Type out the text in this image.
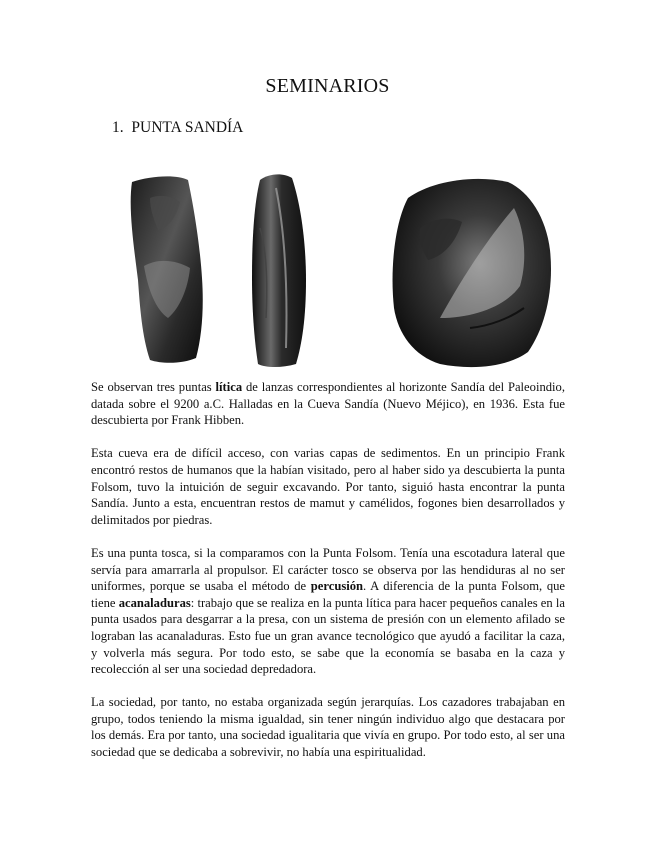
SEMINARIOS
1. PUNTA SANDÍA

Se observan tres puntas lítica de lanzas correspondientes al horizonte Sandía del Paleoindio, datada sobre el 9200 a.C. Halladas en la Cueva Sandía (Nuevo Méjico), en 1936. Esta fue descubierta por Frank Hibben.

Esta cueva era de difícil acceso, con varias capas de sedimentos. En un principio Frank encontró restos de humanos que la habían visitado, pero al haber sido ya descubierta la punta Folsom, tuvo la intuición de seguir excavando. Por tanto, siguió hasta encontrar la punta Sandía. Junto a esta, encuentran restos de mamut y camélidos, fogones bien desarrollados y delimitados por piedras.

Es una punta tosca, si la comparamos con la Punta Folsom. Tenía una escotadura lateral que servía para amarrarla al propulsor. El carácter tosco se observa por las hendiduras al no ser uniformes, porque se usaba el método de percusión. A diferencia de la punta Folsom, que tiene acanaladuras: trabajo que se realiza en la punta lítica para hacer pequeños canales en la punta usados para desgarrar a la presa, con un sistema de presión con un elemento afilado se lograban las acanaladuras. Esto fue un gran avance tecnológico que ayudó a facilitar la caza, y volverla más segura. Por todo esto, se sabe que la economía se basaba en la caza y recolección al ser una sociedad depredadora.

La sociedad, por tanto, no estaba organizada según jerarquías. Los cazadores trabajaban en grupo, todos teniendo la misma igualdad, sin tener ningún individuo algo que destacara por los demás. Era por tanto, una sociedad igualitaria que vivía en grupo. Por todo esto, al ser una sociedad que se dedicaba a sobrevivir, no había una espiritualidad.
